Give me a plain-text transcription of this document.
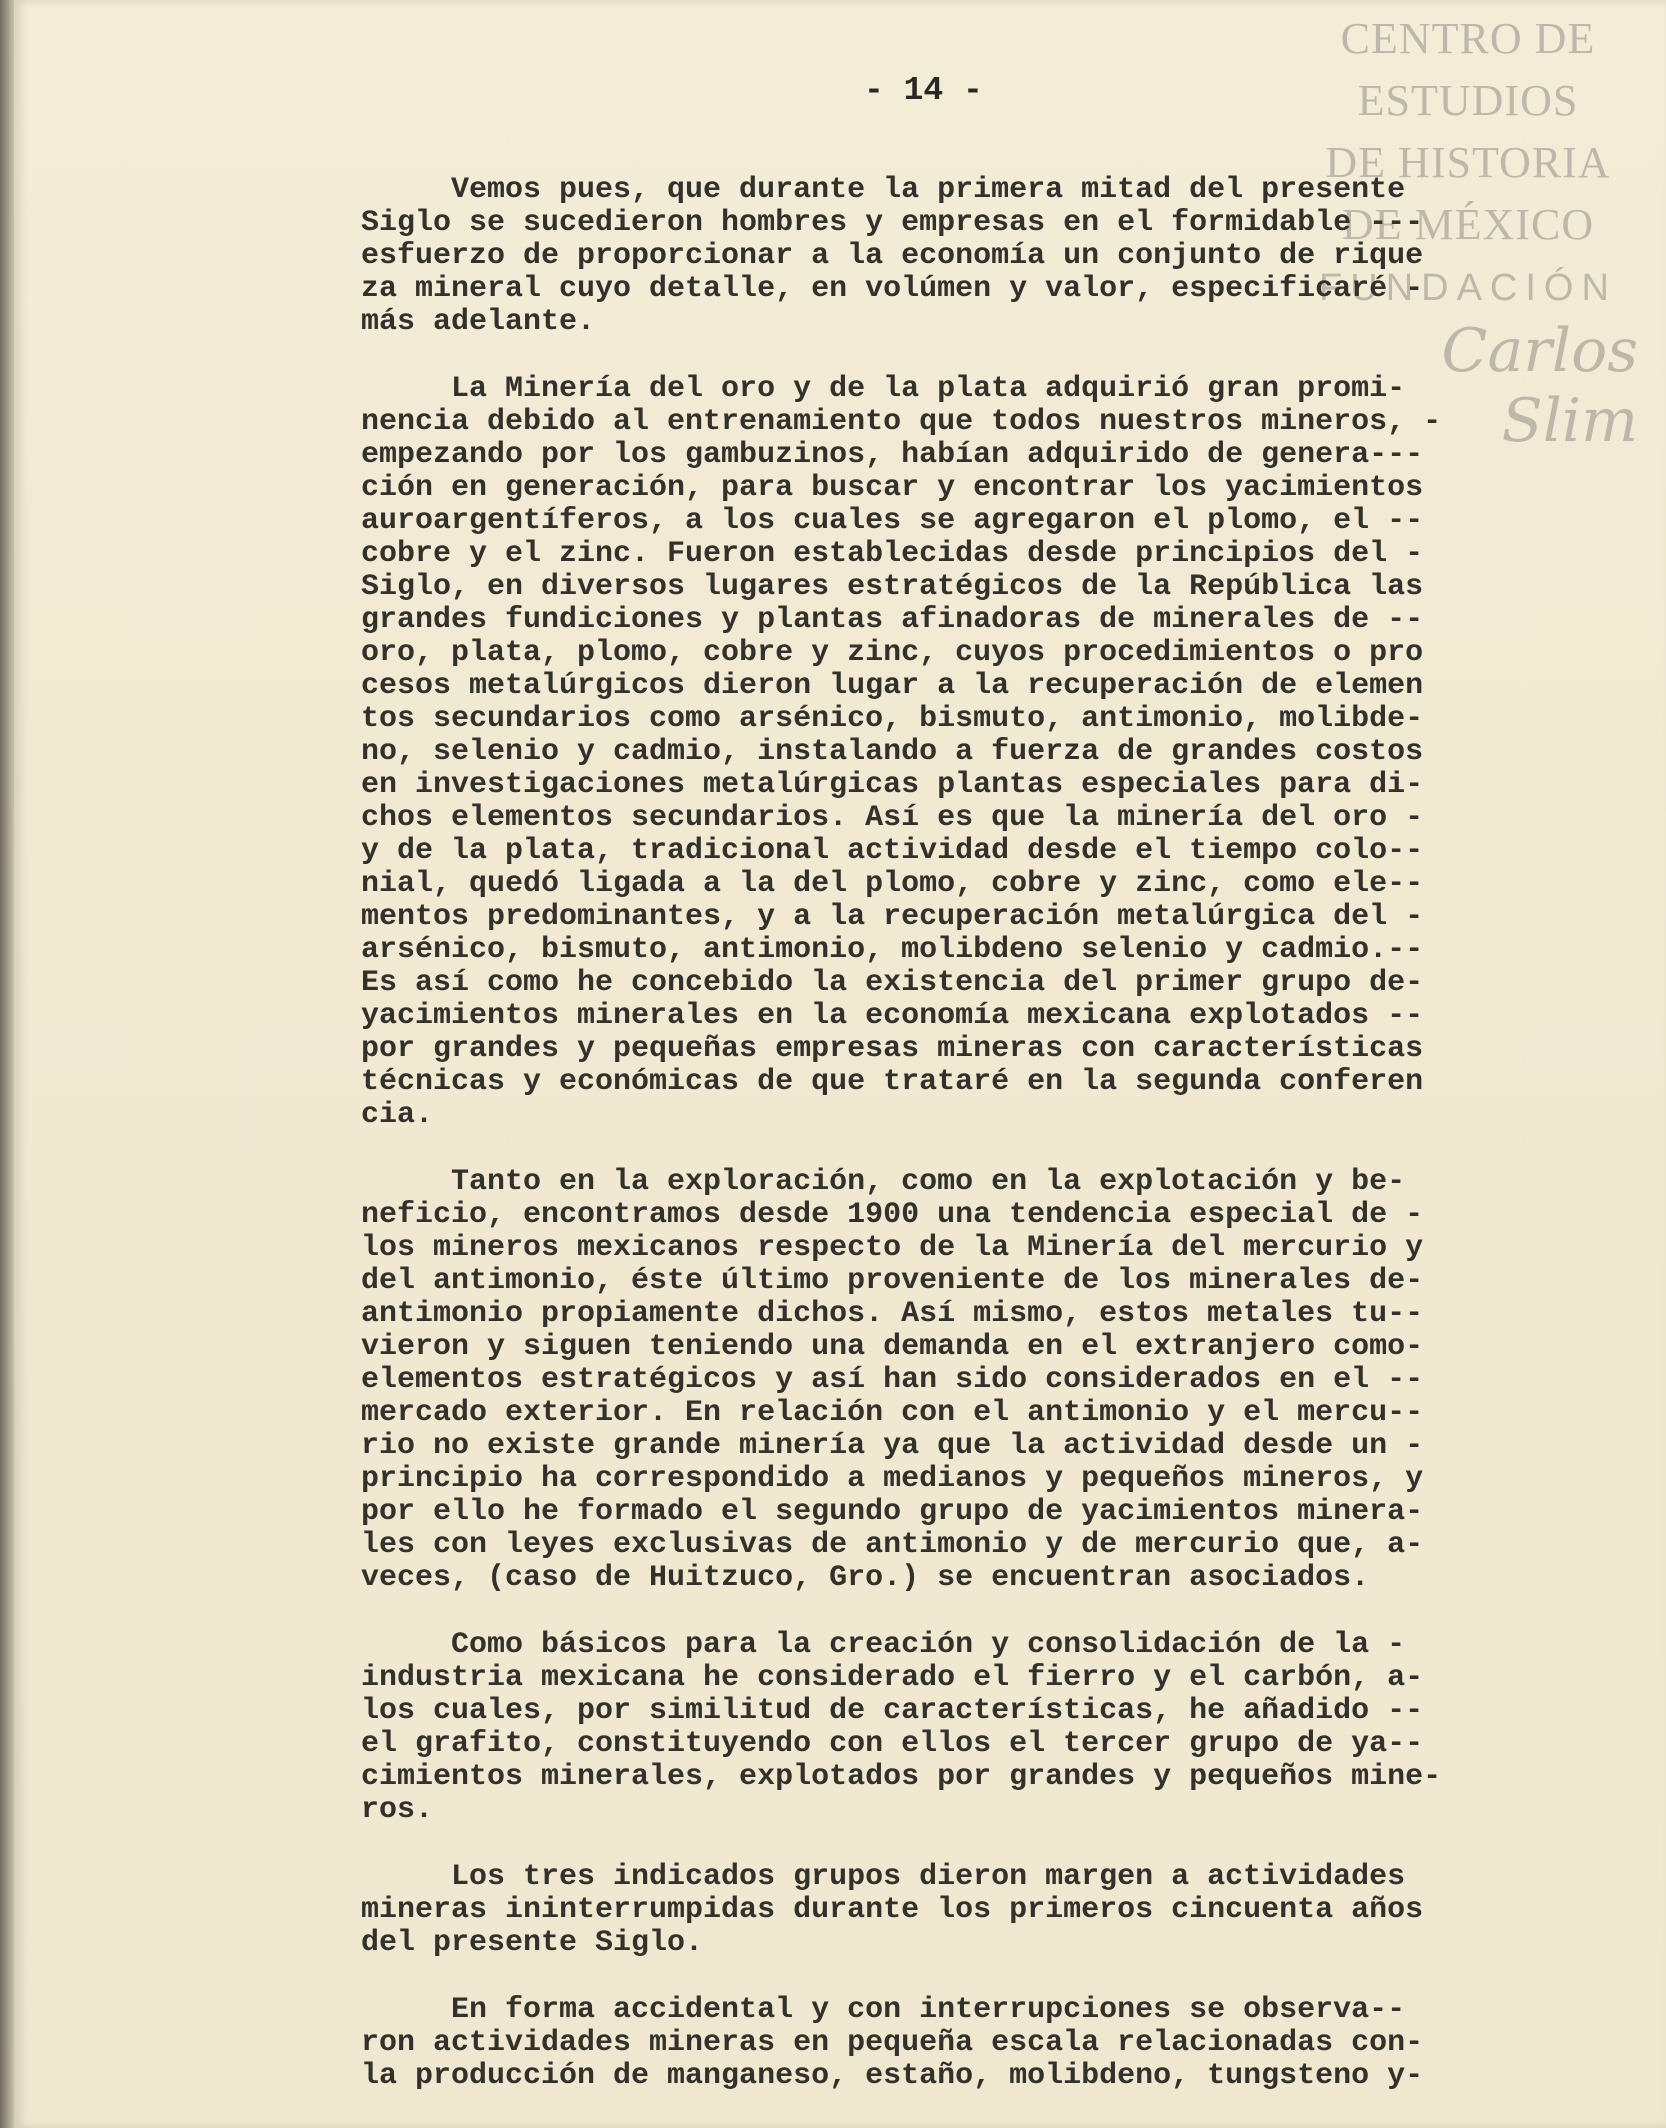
CENTRO DE
ESTUDIOS
DE HISTORIA
DE MÉXICO
FUNDACIÓN
Carlos Slim
- 14 -
Vemos pues, que durante la primera mitad del presente
Siglo se sucedieron hombres y empresas en el formidable ---
esfuerzo de proporcionar a la economía un conjunto de rique
za mineral cuyo detalle, en volúmen y valor, especificaré -
más adelante.
La Minería del oro y de la plata adquirió gran promi-
nencia debido al entrenamiento que todos nuestros mineros, -
empezando por los gambuzinos, habían adquirido de genera---
ción en generación, para buscar y encontrar los yacimientos
auroargentíferos, a los cuales se agregaron el plomo, el --
cobre y el zinc. Fueron establecidas desde principios del -
Siglo, en diversos lugares estratégicos de la República las
grandes fundiciones y plantas afinadoras de minerales de --
oro, plata, plomo, cobre y zinc, cuyos procedimientos o pro
cesos metalúrgicos dieron lugar a la recuperación de elemen
tos secundarios como arsénico, bismuto, antimonio, molibde-
no, selenio y cadmio, instalando a fuerza de grandes costos
en investigaciones metalúrgicas plantas especiales para di-
chos elementos secundarios. Así es que la minería del oro -
y de la plata, tradicional actividad desde el tiempo colo--
nial, quedó ligada a la del plomo, cobre y zinc, como ele--
mentos predominantes, y a la recuperación metalúrgica del -
arsénico, bismuto, antimonio, molibdeno selenio y cadmio.--
Es así como he concebido la existencia del primer grupo de-
yacimientos minerales en la economía mexicana explotados --
por grandes y pequeñas empresas mineras con características
técnicas y económicas de que trataré en la segunda conferen
cia.
Tanto en la exploración, como en la explotación y be-
neficio, encontramos desde 1900 una tendencia especial de -
los mineros mexicanos respecto de la Minería del mercurio y
del antimonio, éste último proveniente de los minerales de-
antimonio propiamente dichos. Así mismo, estos metales tu--
vieron y siguen teniendo una demanda en el extranjero como-
elementos estratégicos y así han sido considerados en el --
mercado exterior. En relación con el antimonio y el mercu--
rio no existe grande minería ya que la actividad desde un -
principio ha correspondido a medianos y pequeños mineros, y
por ello he formado el segundo grupo de yacimientos minera-
les con leyes exclusivas de antimonio y de mercurio que, a-
veces, (caso de Huitzuco, Gro.) se encuentran asociados.
Como básicos para la creación y consolidación de la -
industria mexicana he considerado el fierro y el carbón, a-
los cuales, por similitud de características, he añadido --
el grafito, constituyendo con ellos el tercer grupo de ya--
cimientos minerales, explotados por grandes y pequeños mine-
ros.
Los tres indicados grupos dieron margen a actividades
mineras ininterrumpidas durante los primeros cincuenta años
del presente Siglo.
En forma accidental y con interrupciones se observa--
ron actividades mineras en pequeña escala relacionadas con-
la producción de manganeso, estaño, molibdeno, tungsteno y-
